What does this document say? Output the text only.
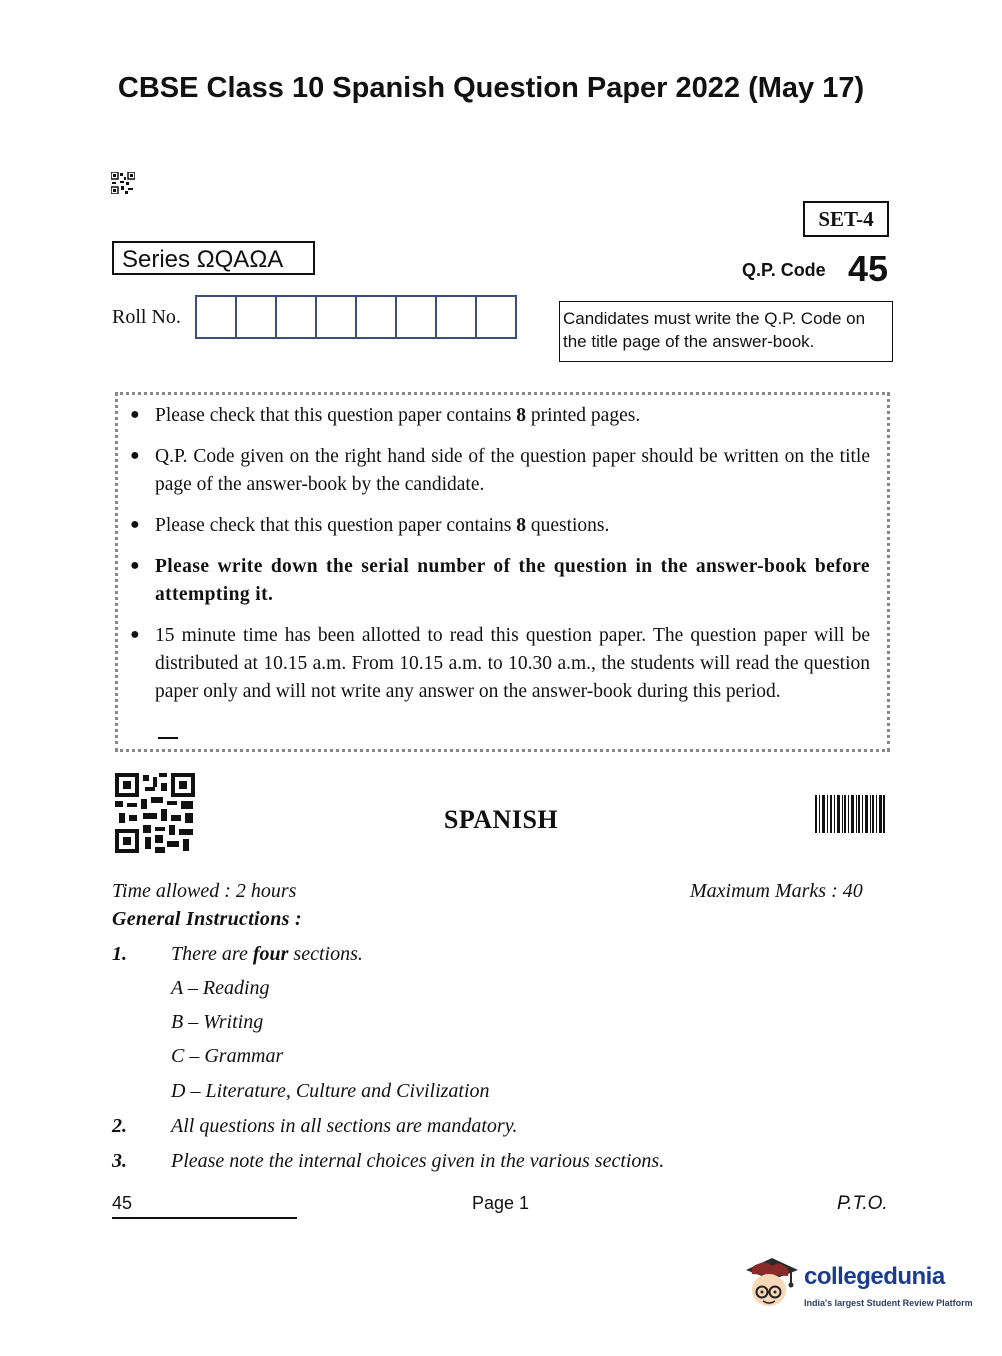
CBSE Class 10 Spanish Question Paper 2022 (May 17)
SET-4
Series ΩQAΩA	Q.P. Code 45
Roll No.	Candidates must write the Q.P. Code on
the title page of the answer-book.
● Please check that this question paper contains 8 printed pages.
● Q.P. Code given on the right hand side of the question paper should be written on the title page of the answer-book by the candidate.
● Please check that this question paper contains 8 questions.
● Please write down the serial number of the question in the answer-book before attempting it.
● 15 minute time has been allotted to read this question paper. The question paper will be distributed at 10.15 a.m. From 10.15 a.m. to 10.30 a.m., the students will read the question paper only and will not write any answer on the answer-book during this period.
SPANISH
Time allowed : 2 hours	Maximum Marks : 40
General Instructions :
1. There are four sections.
A – Reading
B – Writing
C – Grammar
D – Literature, Culture and Civilization
2. All questions in all sections are mandatory.
3. Please note the internal choices given in the various sections.
45	Page 1	P.T.O.
collegedunia
India's largest Student Review Platform
